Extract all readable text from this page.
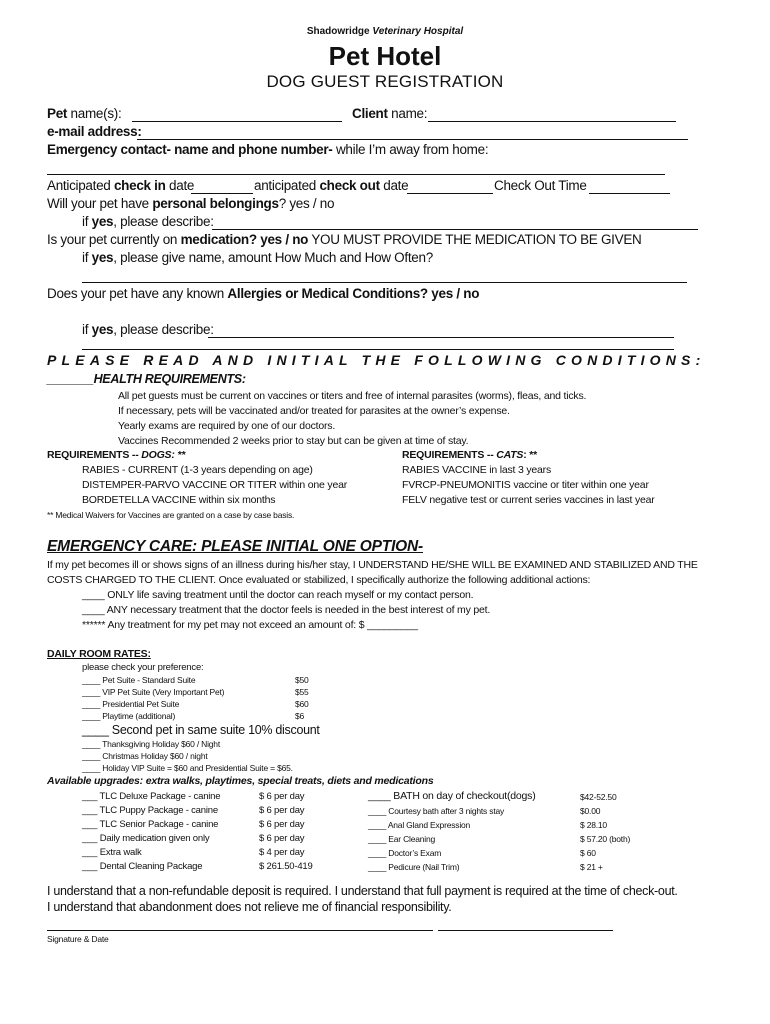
Shadowridge Veterinary Hospital
Pet Hotel
DOG GUEST REGISTRATION
Pet name(s):	Client name:
e-mail address:
Emergency contact- name and phone number- while I’m away from home:
Anticipated check in date	anticipated check out date	Check Out Time
Will your pet have personal belongings? yes / no
if yes, please describe:
Is your pet currently on medication? yes / no YOU MUST PROVIDE THE MEDICATION TO BE GIVEN
if yes, please give name, amount How Much and How Often?
Does your pet have any known Allergies or Medical Conditions? yes / no
if yes, please describe:
PLEASE READ AND INITIAL THE FOLLOWING CONDITIONS:
_______HEALTH REQUIREMENTS:
All pet guests must be current on vaccines or titers and free of internal parasites (worms), fleas, and ticks.
If necessary, pets will be vaccinated and/or treated for parasites at the owner’s expense.
Yearly exams are required by one of our doctors.
Vaccines Recommended 2 weeks prior to stay but can be given at time of stay.
REQUIREMENTS -- DOGS: **
RABIES - CURRENT (1-3 years depending on age)
DISTEMPER-PARVO VACCINE OR TITER within one year
BORDETELLA VACCINE within six months
REQUIREMENTS -- CATS: **
RABIES VACCINE in last 3 years
FVRCP-PNEUMONITIS vaccine or titer within one year
FELV negative test or current series vaccines in last year
** Medical Waivers for Vaccines are granted on a case by case basis.
EMERGENCY CARE: PLEASE INITIAL ONE OPTION-
If my pet becomes ill or shows signs of an illness during his/her stay, I UNDERSTAND HE/SHE WILL BE EXAMINED AND STABILIZED AND THE
COSTS CHARGED TO THE CLIENT. Once evaluated or stabilized, I specifically authorize the following additional actions:
____ ONLY life saving treatment until the doctor can reach myself or my contact person.
____ ANY necessary treatment that the doctor feels is needed in the best interest of my pet.
****** Any treatment for my pet may not exceed an amount of: $ _________
DAILY ROOM RATES:
please check your preference:
____ Pet Suite - Standard Suite	$50
____ VIP Pet Suite (Very Important Pet)	$55
____ Presidential Pet Suite	$60
____ Playtime (additional)	$6
____ Second pet in same suite 10% discount
____ Thanksgiving Holiday $60 / Night
____ Christmas Holiday $60 / night
____ Holiday VIP Suite = $60 and Presidential Suite = $65.
Available upgrades: extra walks, playtimes, special treats, diets and medications
___ TLC Deluxe Package - canine	$ 6 per day
___ TLC Puppy Package - canine	$ 6 per day
___ TLC Senior Package - canine	$ 6 per day
___ Daily medication given only	$ 6 per day
___ Extra walk	$ 4 per day
___ Dental Cleaning Package	$ 261.50-419
____ BATH on day of checkout(dogs)	$42-52.50
____ Courtesy bath after 3 nights stay	$0.00
____ Anal Gland Expression	$ 28.10
____ Ear Cleaning	$ 57.20 (both)
____ Doctor’s Exam	$ 60
____ Pedicure (Nail Trim)	$ 21 +
I understand that a non-refundable deposit is required. I understand that full payment is required at the time of check-out.
I understand that abandonment does not relieve me of financial responsibility.
Signature & Date
